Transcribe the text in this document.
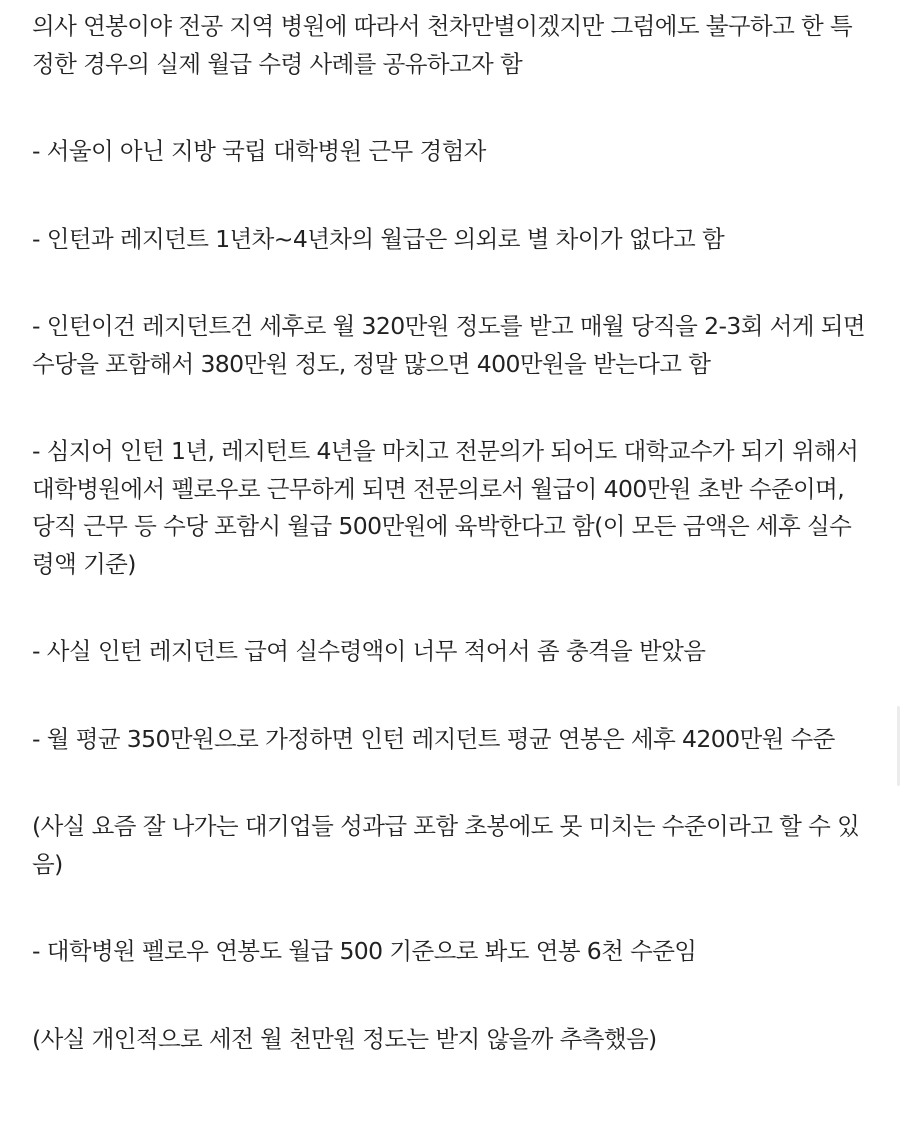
의사 연봉이야 전공 지역 병원에 따라서 천차만별이겠지만 그럼에도 불구하고 한 특
정한 경우의 실제 월급 수령 사례를 공유하고자 함

- 서울이 아닌 지방 국립 대학병원 근무 경험자

- 인턴과 레지던트 1년차~4년차의 월급은 의외로 별 차이가 없다고 함

- 인턴이건 레지던트건 세후로 월 320만원 정도를 받고 매월 당직을 2-3회 서게 되면
수당을 포함해서 380만원 정도, 정말 많으면 400만원을 받는다고 함

- 심지어 인턴 1년, 레지턴트 4년을 마치고 전문의가 되어도 대학교수가 되기 위해서
대학병원에서 펠로우로 근무하게 되면 전문의로서 월급이 400만원 초반 수준이며,
당직 근무 등 수당 포함시 월급 500만원에 육박한다고 함(이 모든 금액은 세후 실수
령액 기준)

- 사실 인턴 레지던트 급여 실수령액이 너무 적어서 좀 충격을 받았음

- 월 평균 350만원으로 가정하면 인턴 레지던트 평균 연봉은 세후 4200만원 수준

(사실 요즘 잘 나가는 대기업들 성과급 포함 초봉에도 못 미치는 수준이라고 할 수 있
음)

- 대학병원 펠로우 연봉도 월급 500 기준으로 봐도 연봉 6천 수준임

(사실 개인적으로 세전 월 천만원 정도는 받지 않을까 추측했음)
